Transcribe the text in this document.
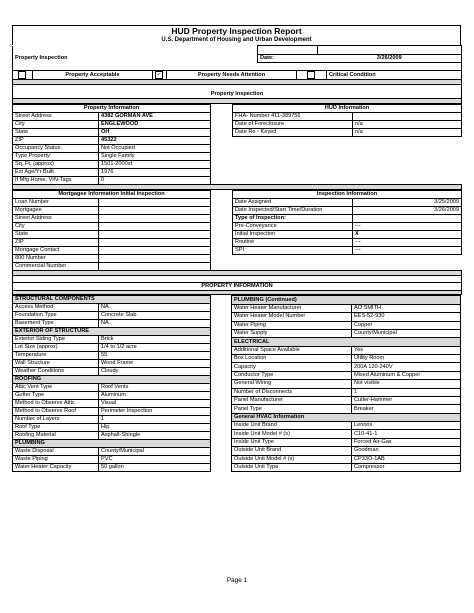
HUD Property Inspection Report
U.S. Department of Housing and Urban Development

Property Inspection	Date:	3/26/2009

	Property Acceptable	✓	Property Needs Attention		Critical Condition

Property Inspection

Property Information			HUD Information	
Street Address	4382 GORMAN AVE		FHA- Number 411-389756	
City	ENGLEWOOD		Date of Foreclosure	n/a
State	OH		Date Re - Keyed	n/a
ZIP	45322			
Occupancy Status:	Not Occupied			
Type Property:	Single Family			
Sq. Ft. (approx)	1501-2000sf			
Est Age/Yr Built	1976			
If Mfg Home, VIN-Tags	0			

Mortgagee Information Initial Inspection			Inspection Information	
Loan Number			Date Assigned	3/25/2009
Mortgagee			Date Inspected/Start Time/Duration	3/26/2009
Street Address			Type of Inspection:	
City			Pre-Conveyance	---
State			Initial Inspection	X
ZIP			Routine	---
Mortgage Contact			SPI	---
800 Number				
Commercial Number				

PROPERTY INFORMATION

STRUCTURAL COMPONENTS	
Access Method	NA
Foundation Type	Concrete Slab
Basement Type	NA
EXTERIOR OF STRUCTURE	
Exterior Siding Type	Brick
Lot Size (approx)	1/4 to 1/2 acre
Temperature	55
Wall Structure	Wood Frame
Weather Conditions	Cloudy
ROOFING	
Attic Vent Type	Roof Vents
Gutter Type	Aluminum
Method to Observe Attic	Visual
Method to Observe Roof	Perimeter Inspection
Number of Layers	1
Roof Type	Hip
Roofing Material	Asphalt-Shingle
PLUMBING	
Waste Disposal	County/Municipal
Waste Piping	PVC
Water Heater Capacity	50 gallon
PLUMBING (Continued)	
Water Heater Manufacturer	AO SMITH
Water Heater Model Number	EES-52-930
Water Piping	Copper
Water Supply	County/Municipal
ELECTRICAL	
Additional Space Available	Yes
Box Location	Utility Room
Capacity	200A 120-240V
Conductor Type	Mixed Aluminum & Copper
General Wiring	Not visible
Number of Disconnects	1
Panel Manufacturer	Cutler-Hammer
Panel Type	Breaker
General HVAC Information	
Inside Unit Brand	Lennox
Inside Unit Model # (s)	C10-41-1
Inside Unit Type	Forced Air-Gas
Outside Unit Brand	Goodman
Outside Unit Model # (s)	CP33O-1AB
Outside Unit Type	Compressor
Page 1
